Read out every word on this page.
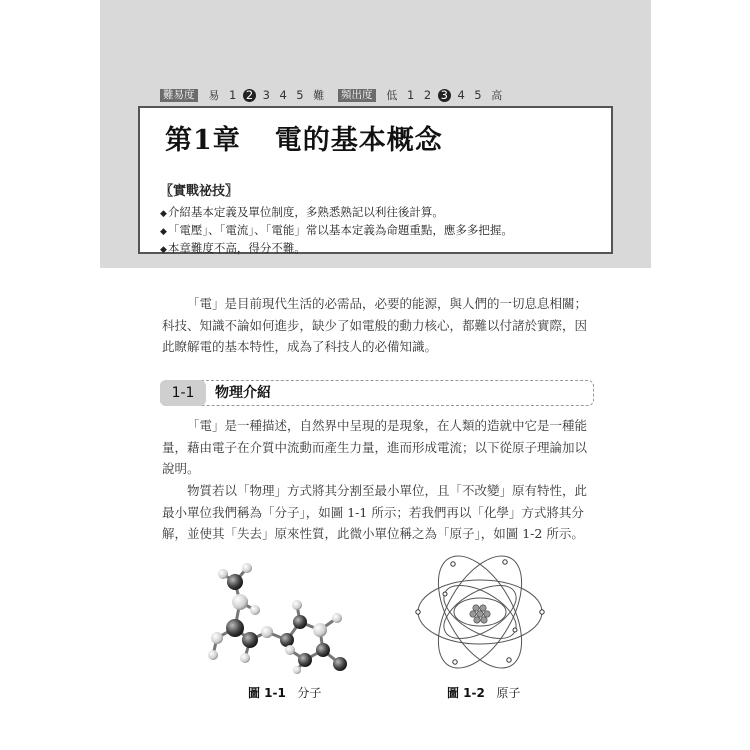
難易度 易 1 2 3 4 5 難 頻出度 低 1 2 3 4 5 高
第1章 電的基本概念
〖實戰祕技〗
◆介紹基本定義及單位制度，多熟悉熟記以利往後計算。
◆「電壓」、「電流」、「電能」常以基本定義為命題重點，應多多把握。
◆本章難度不高，得分不難。

「電」是目前現代生活的必需品，必要的能源，與人們的一切息息相關；
科技、知識不論如何進步，缺少了如電般的動力核心，都難以付諸於實際，因
此瞭解電的基本特性，成為了科技人的必備知識。

1-1	物理介紹

「電」是一種描述，自然界中呈現的是現象，在人類的造就中它是一種能
量，藉由電子在介質中流動而產生力量，進而形成電流；以下從原子理論加以
說明。

物質若以「物理」方式將其分割至最小單位，且「不改變」原有特性，此
最小單位我們稱為「分子」，如圖 1-1 所示；若我們再以「化學」方式將其分
解，並使其「失去」原來性質，此微小單位稱之為「原子」，如圖 1-2 所示。

圖 1-1 分子	圖 1-2 原子
